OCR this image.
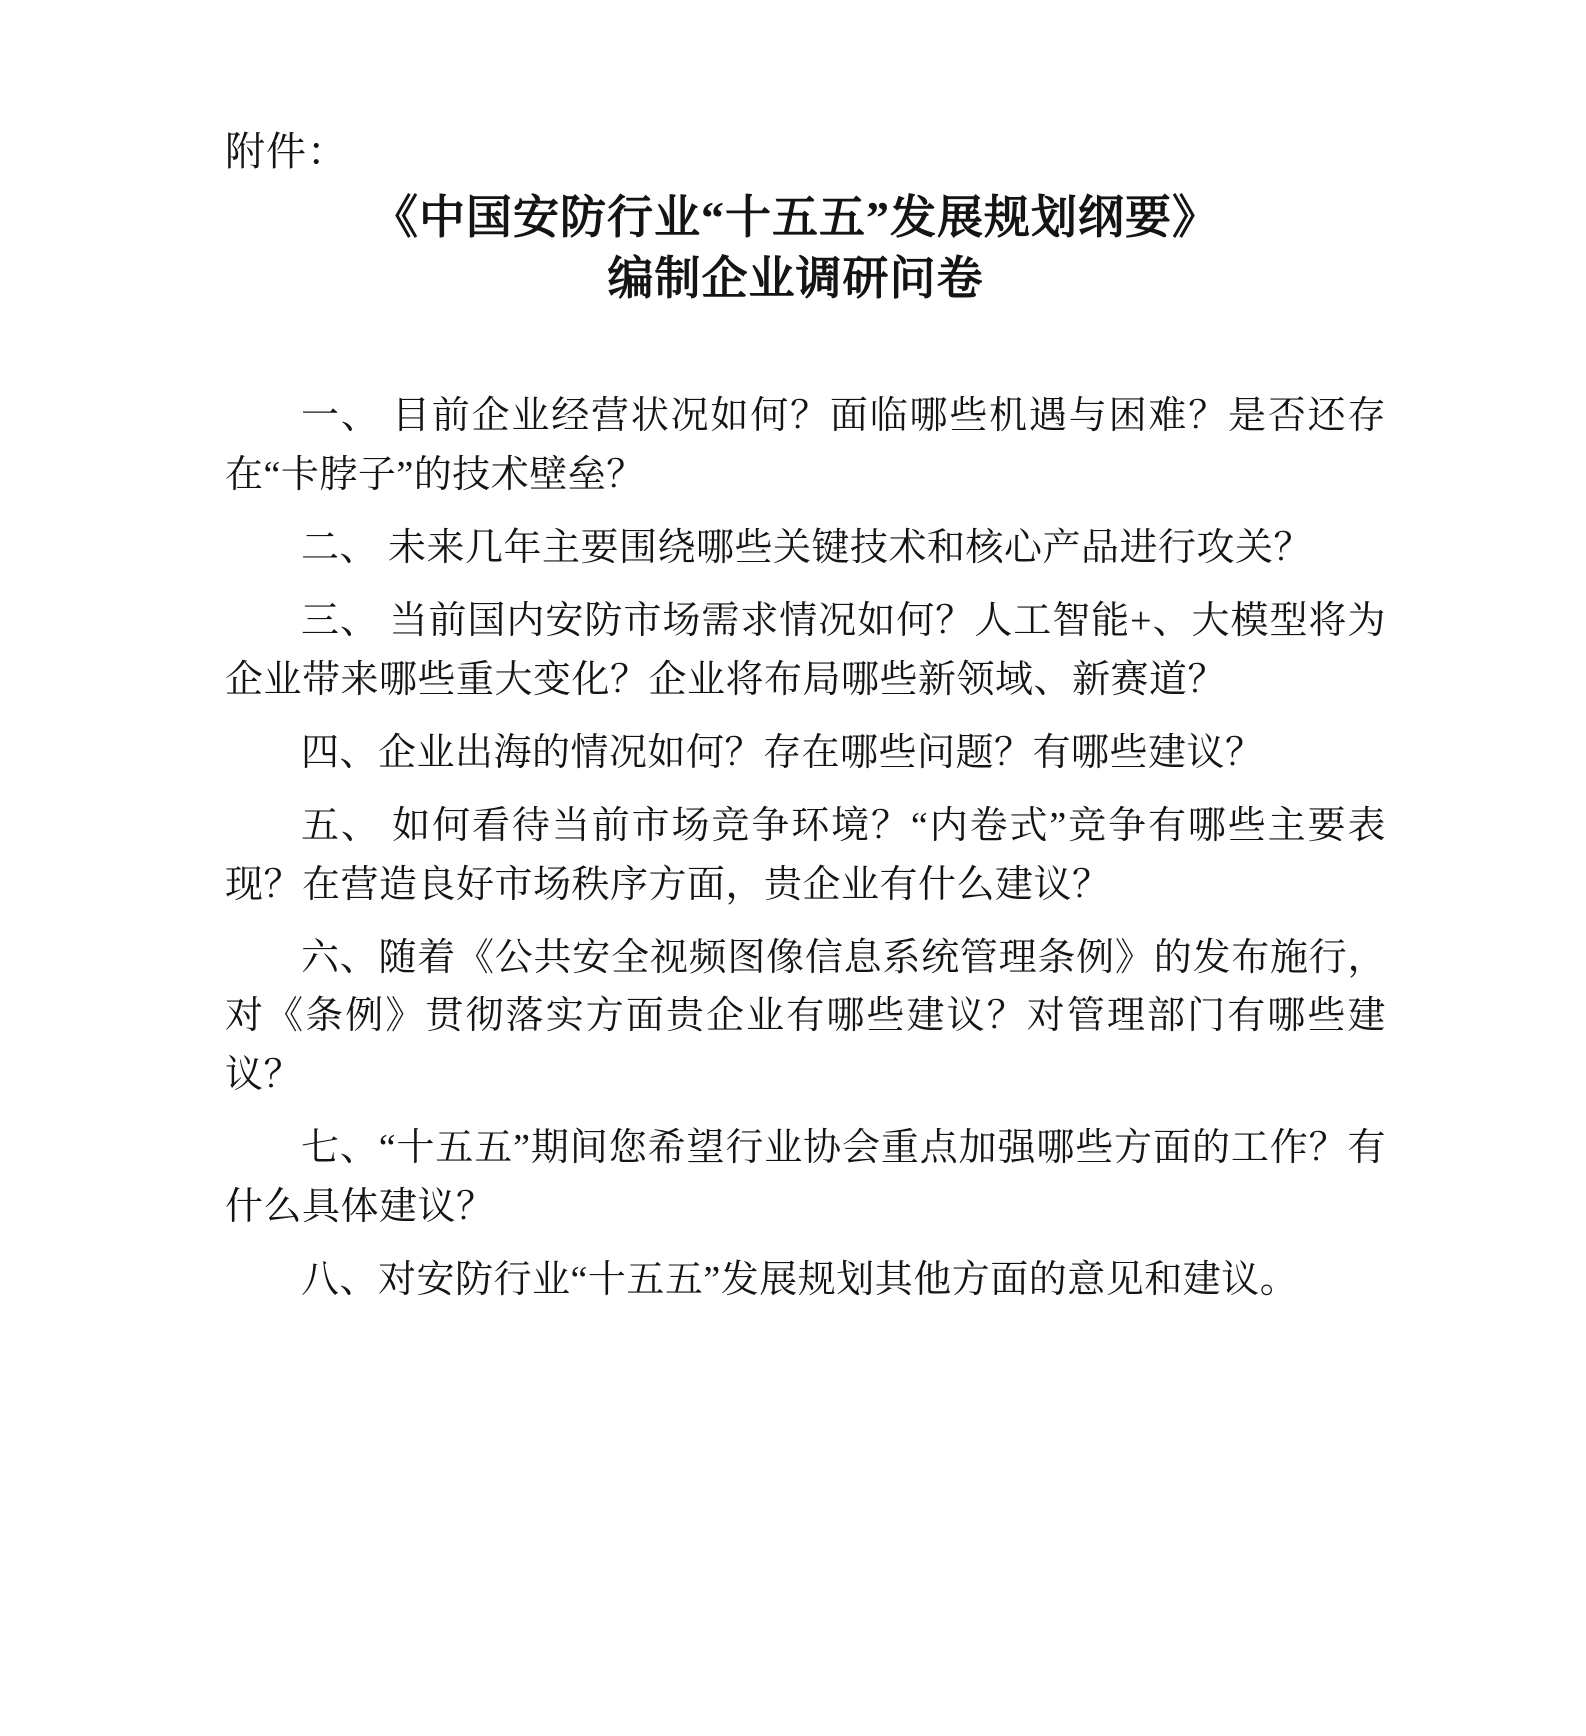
附件：
《中国安防行业“十五五”发展规划纲要》
编制企业调研问卷

一、 目前企业经营状况如何？面临哪些机遇与困难？是否还存在“卡脖子”的技术壁垒？

二、 未来几年主要围绕哪些关键技术和核心产品进行攻关？

三、 当前国内安防市场需求情况如何？人工智能+、大模型将为企业带来哪些重大变化？企业将布局哪些新领域、新赛道？

四、企业出海的情况如何？存在哪些问题？有哪些建议？

五、 如何看待当前市场竞争环境？“内卷式”竞争有哪些主要表现？在营造良好市场秩序方面，贵企业有什么建议？

六、随着《公共安全视频图像信息系统管理条例》的发布施行，对《条例》贯彻落实方面贵企业有哪些建议？对管理部门有哪些建议？

七、“十五五”期间您希望行业协会重点加强哪些方面的工作？有什么具体建议？

八、对安防行业“十五五”发展规划其他方面的意见和建议。
